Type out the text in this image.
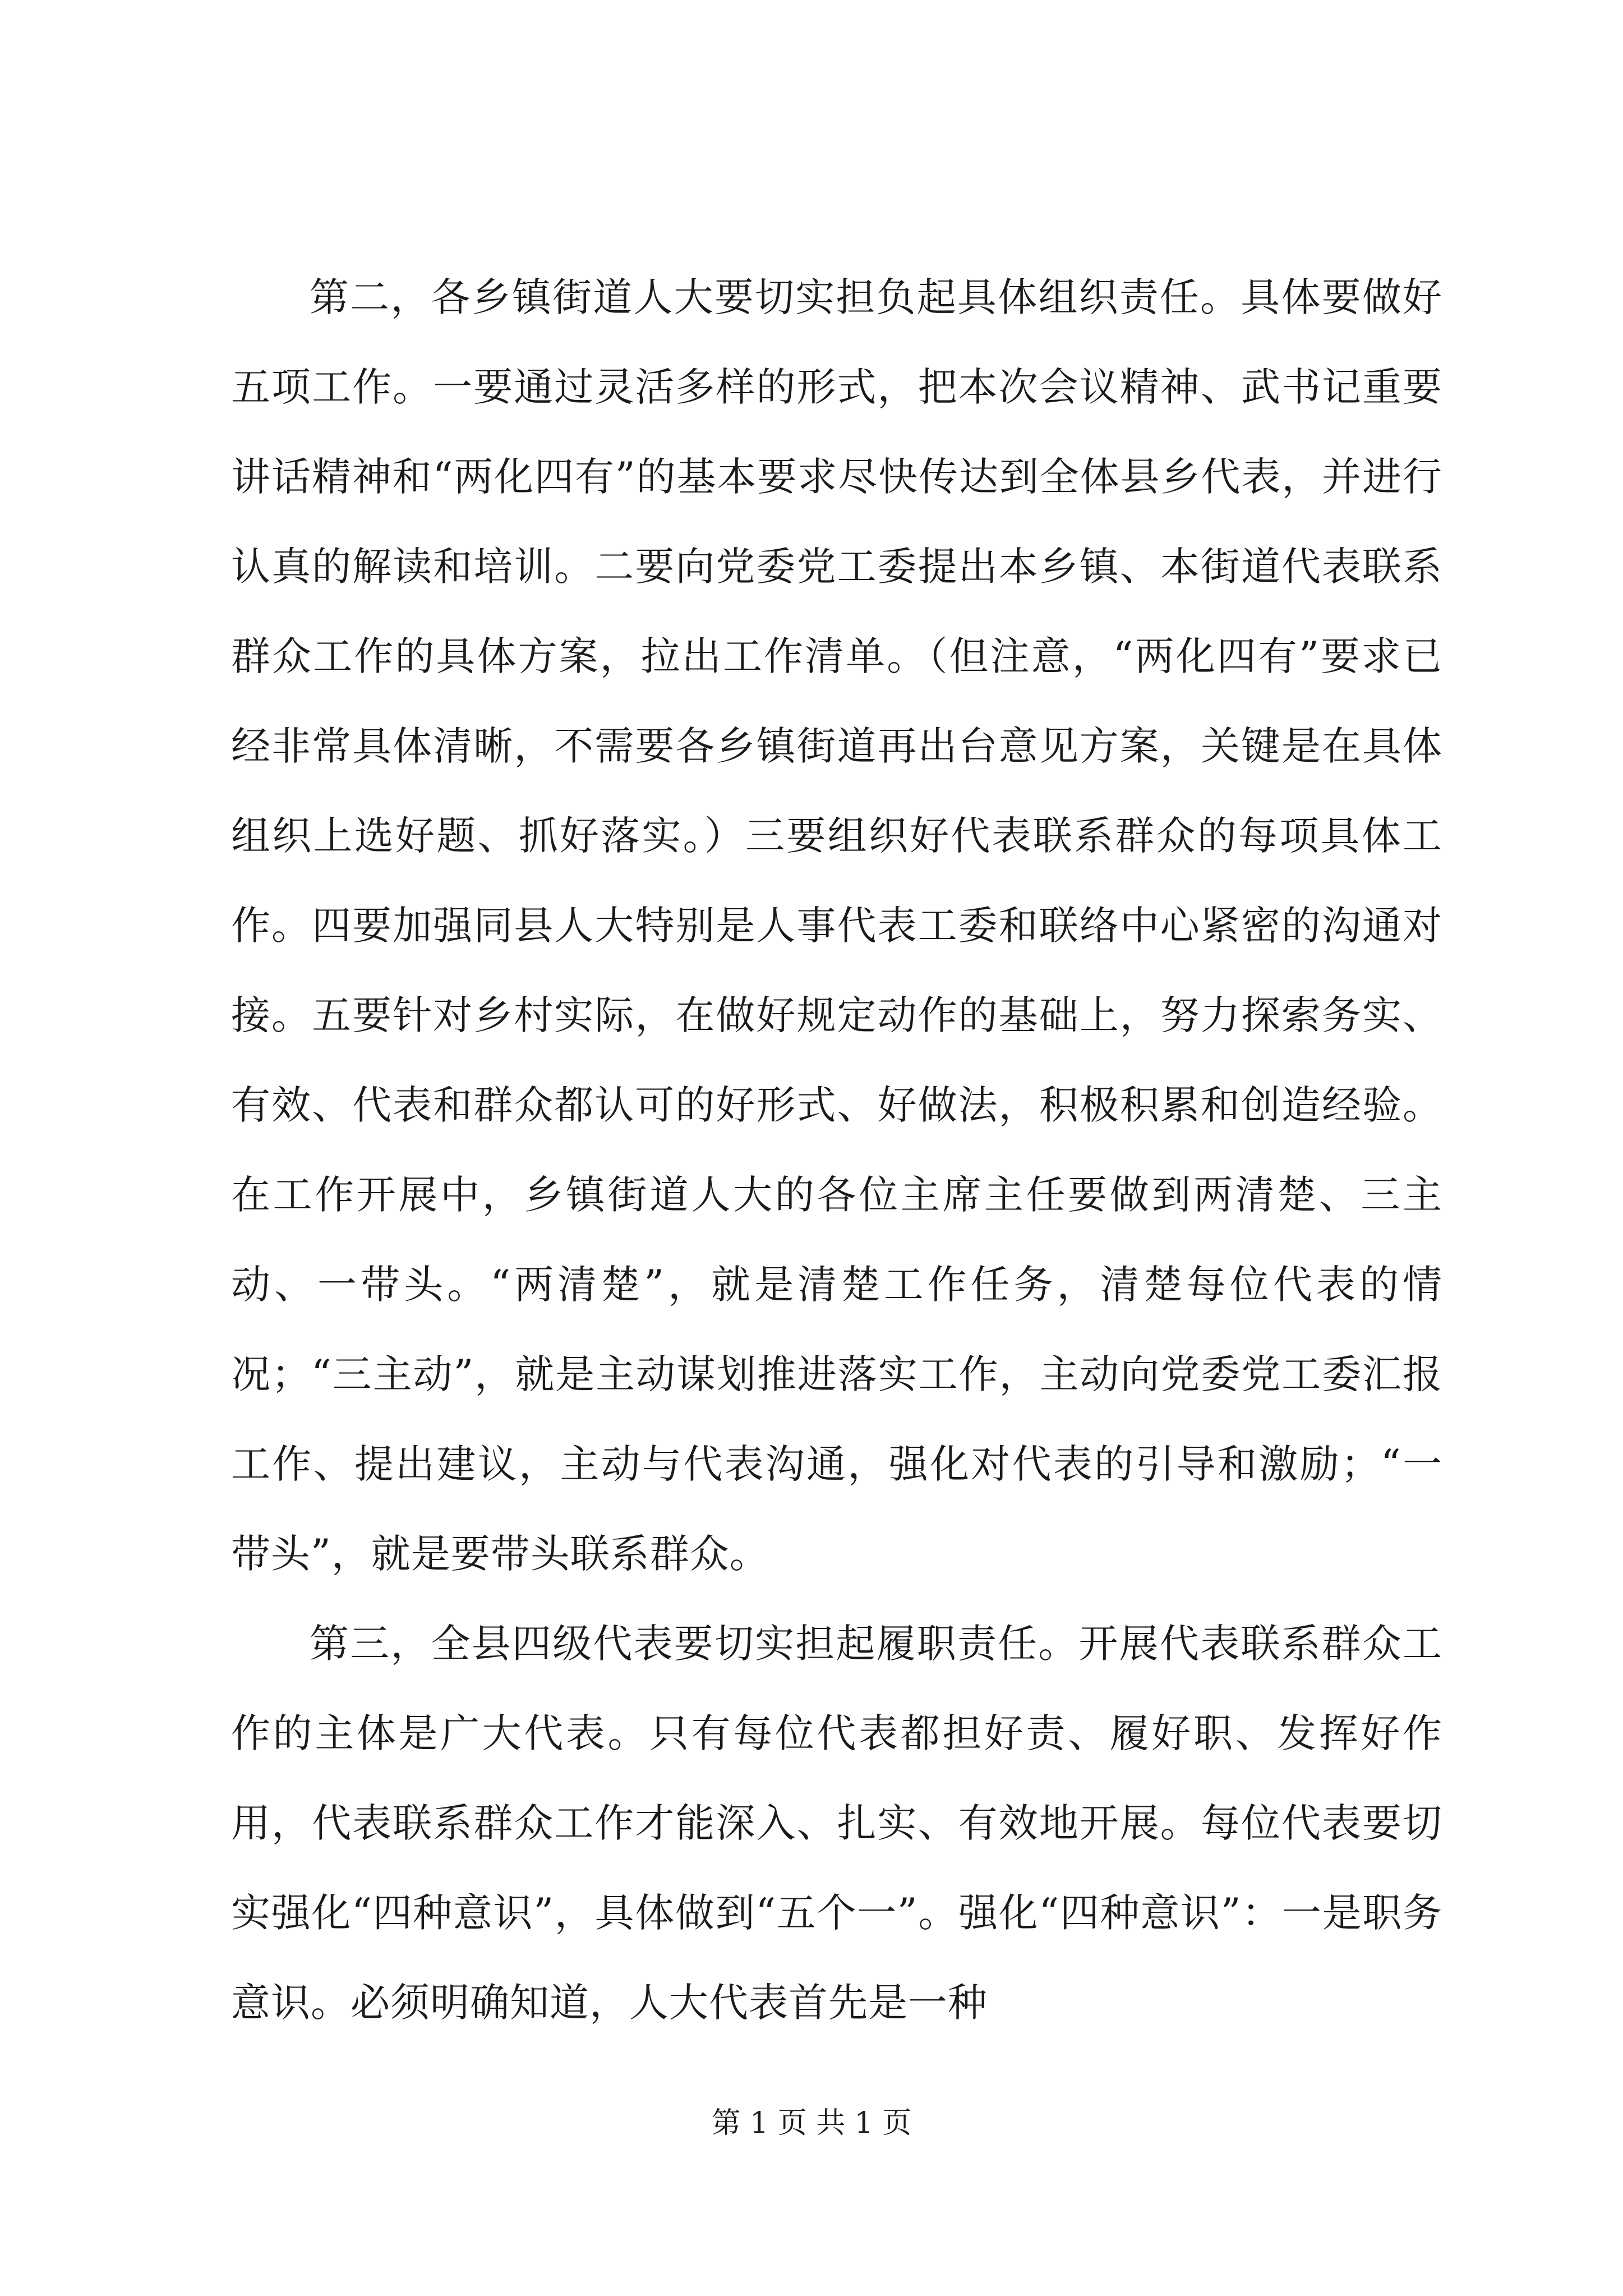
第二，各乡镇街道人大要切实担负起具体组织责任。具体要做好五项工作。一要通过灵活多样的形式，把本次会议精神、武书记重要讲话精神和“两化四有”的基本要求尽快传达到全体县乡代表，并进行认真的解读和培训。二要向党委党工委提出本乡镇、本街道代表联系群众工作的具体方案，拉出工作清单。（但注意，“两化四有”要求已经非常具体清晰，不需要各乡镇街道再出台意见方案，关键是在具体组织上选好题、抓好落实。）三要组织好代表联系群众的每项具体工作。四要加强同县人大特别是人事代表工委和联络中心紧密的沟通对接。五要针对乡村实际，在做好规定动作的基础上，努力探索务实、有效、代表和群众都认可的好形式、好做法，积极积累和创造经验。在工作开展中，乡镇街道人大的各位主席主任要做到两清楚、三主动、一带头。“两清楚”，就是清楚工作任务，清楚每位代表的情况；“三主动”，就是主动谋划推进落实工作，主动向党委党工委汇报工作、提出建议，主动与代表沟通，强化对代表的引导和激励；“一带头”，就是要带头联系群众。

第三，全县四级代表要切实担起履职责任。开展代表联系群众工作的主体是广大代表。只有每位代表都担好责、履好职、发挥好作用，代表联系群众工作才能深入、扎实、有效地开展。每位代表要切实强化“四种意识”，具体做到“五个一”。强化“四种意识”：一是职务意识。必须明确知道，人大代表首先是一种

第 1 页 共 1 页
